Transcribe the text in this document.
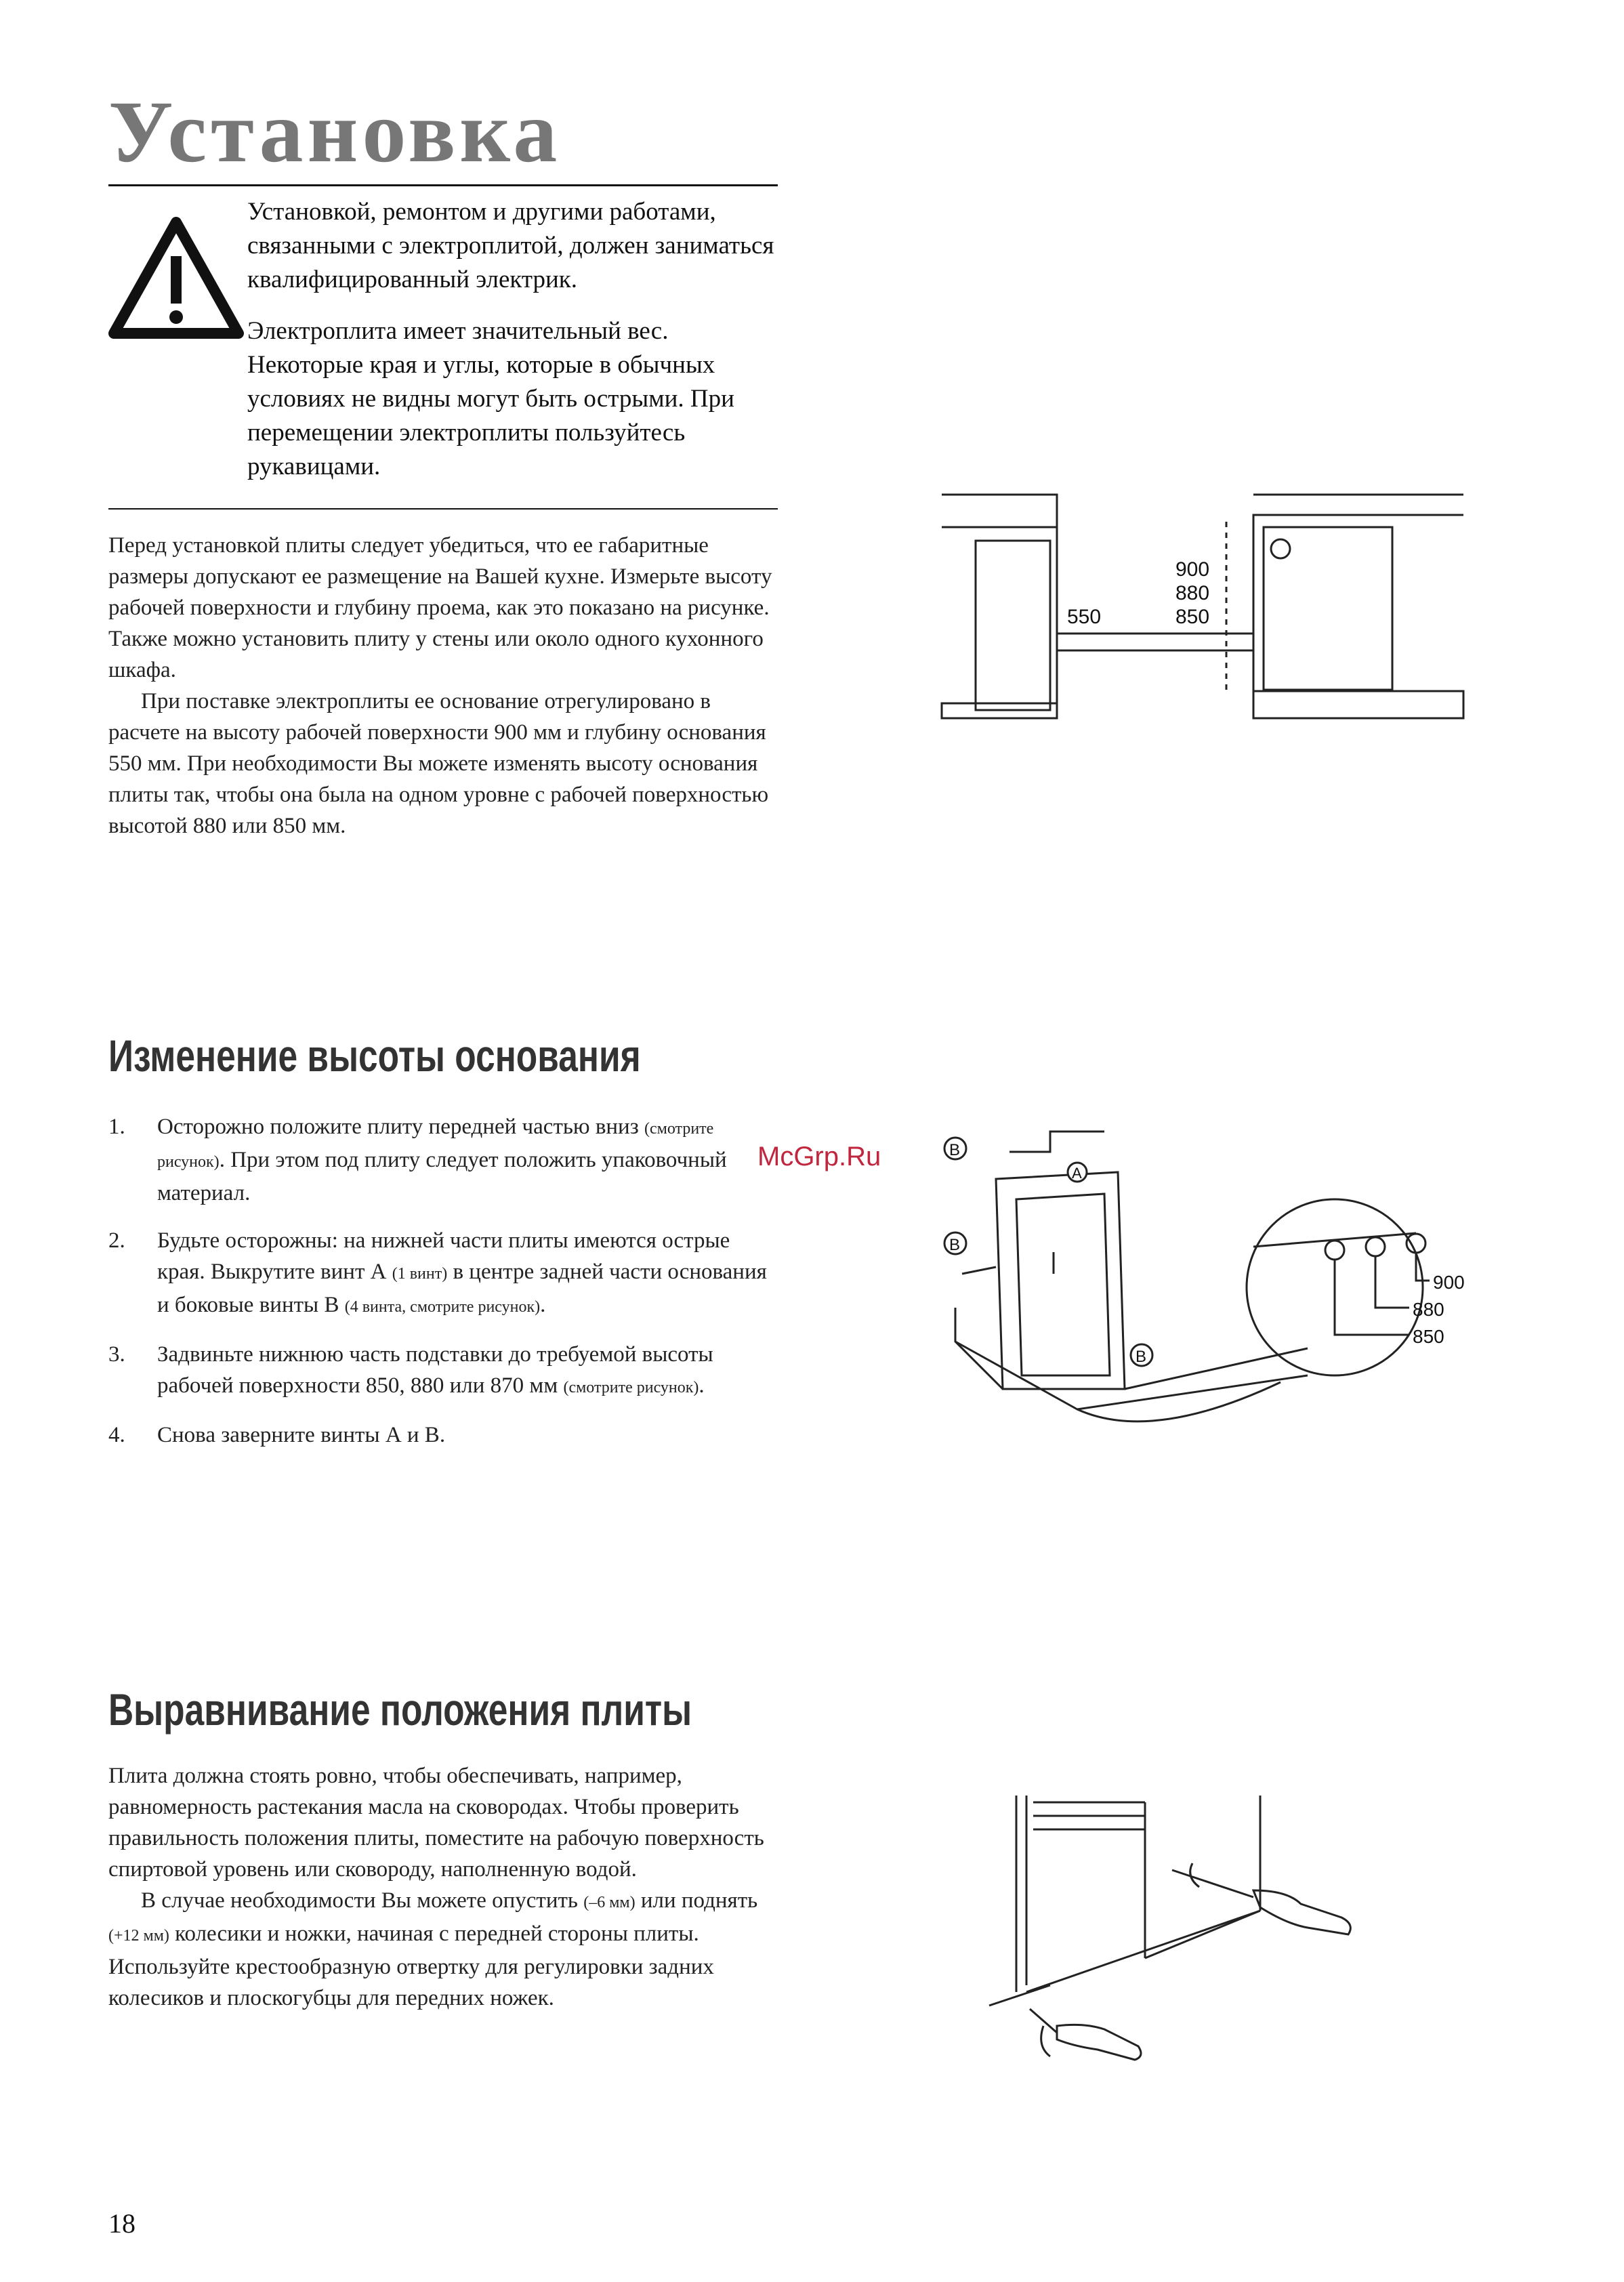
Установка

Установкой, ремонтом и другими работами, связанными с электроплитой, должен заниматься квалифицированный электрик.

Электроплита имеет значительный вес. Некоторые края и углы, которые в обычных условиях не видны могут быть острыми. При перемещении электроплиты пользуйтесь рукавицами.

Перед установкой плиты следует убедиться, что ее габаритные размеры допускают ее размещение на Вашей кухне. Измерьте высоту рабочей поверхности и глубину проема, как это показано на рисунке. Также можно установить плиту у стены или около одного кухонного шкафа.

При поставке электроплиты ее основание отрегулировано в расчете на высоту рабочей поверхности 900 мм и глубину основания 550 мм. При необходимости Вы можете изменять высоту основания плиты так, чтобы она была на одном уровне с рабочей поверхностью высотой 880 или 850 мм.

550
900
880
850
Изменение высоты основания
1. Осторожно положите плиту передней частью вниз (смотрите рисунок). При этом под плиту следует положить упаковочный материал.
2. Будьте осторожны: на нижней части плиты имеются острые края. Выкрутите винт А (1 винт) в центре задней части основания и боковые винты В (4 винта, смотрите рисунок).
3. Задвиньте нижнюю часть подставки до требуемой высоты рабочей поверхности 850, 880 или 870 мм (смотрите рисунок).
4. Снова заверните винты А и В.
McGrp.Ru	B
B
B
A
900
880
850
Выравнивание положения плиты

Плита должна стоять ровно, чтобы обеспечивать, например, равномерность растекания масла на сковородах. Чтобы проверить правильность положения плиты, поместите на рабочую поверхность спиртовой уровень или сковороду, наполненную водой.

В случае необходимости Вы можете опустить (–6 мм) или поднять (+12 мм) колесики и ножки, начиная с передней стороны плиты. Используйте крестообразную отвертку для регулировки задних колесиков и плоскогубцы для передних ножек.

18
